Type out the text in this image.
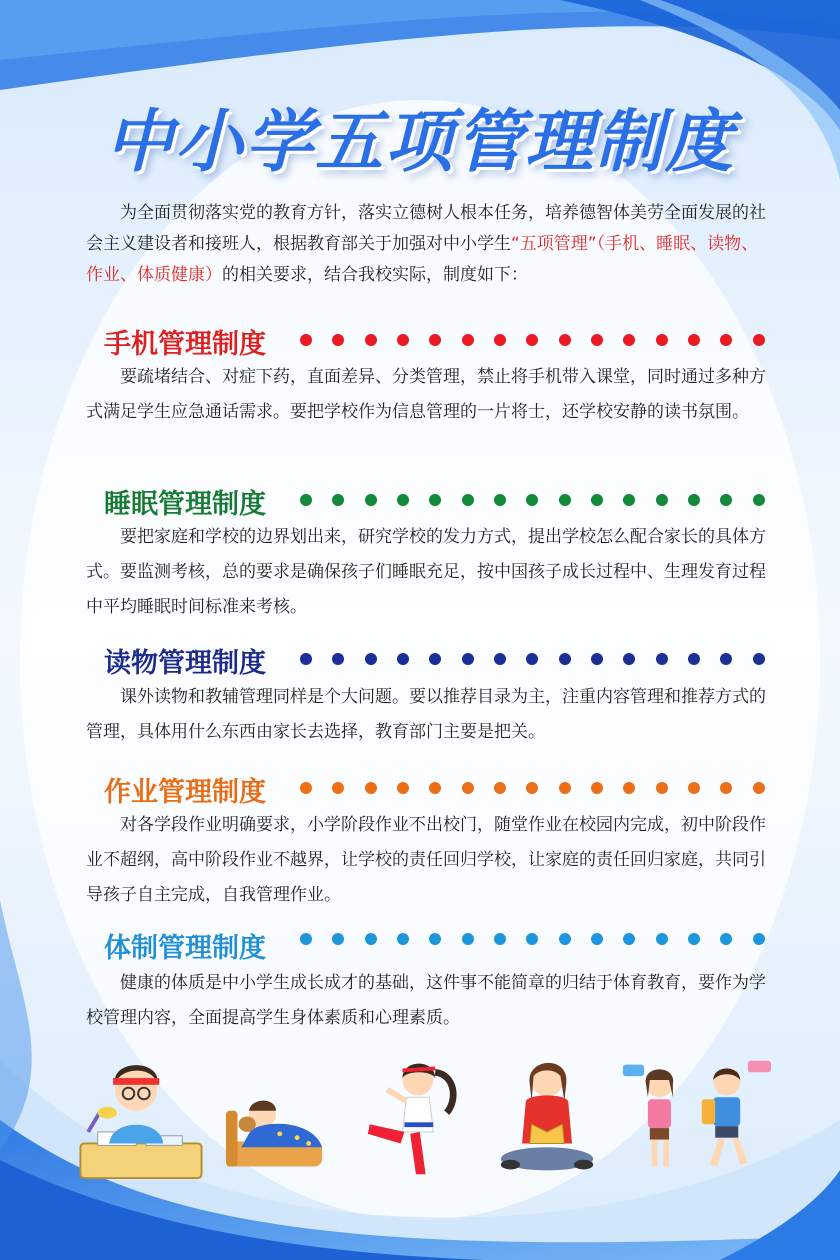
中小学五项管理制度

为全面贯彻落实党的教育方针，落实立德树人根本任务，培养德智体美劳全面发展的社会主义建设者和接班人，根据教育部关于加强对中小学生“五项管理”（手机、睡眠、读物、作业、体质健康）的相关要求，结合我校实际，制度如下：

手机管理制度

要疏堵结合、对症下药，直面差异、分类管理，禁止将手机带入课堂，同时通过多种方式满足学生应急通话需求。要把学校作为信息管理的一片将士，还学校安静的读书氛围。

睡眠管理制度

要把家庭和学校的边界划出来，研究学校的发力方式，提出学校怎么配合家长的具体方式。要监测考核，总的要求是确保孩子们睡眠充足，按中国孩子成长过程中、生理发育过程中平均睡眠时间标准来考核。

读物管理制度

课外读物和教辅管理同样是个大问题。要以推荐目录为主，注重内容管理和推荐方式的管理，具体用什么东西由家长去选择，教育部门主要是把关。

作业管理制度

对各学段作业明确要求，小学阶段作业不出校门，随堂作业在校园内完成，初中阶段作业不超纲，高中阶段作业不越界，让学校的责任回归学校，让家庭的责任回归家庭，共同引导孩子自主完成，自我管理作业。

体制管理制度

健康的体质是中小学生成长成才的基础，这件事不能简章的归结于体育教育，要作为学校管理内容，全面提高学生身体素质和心理素质。
